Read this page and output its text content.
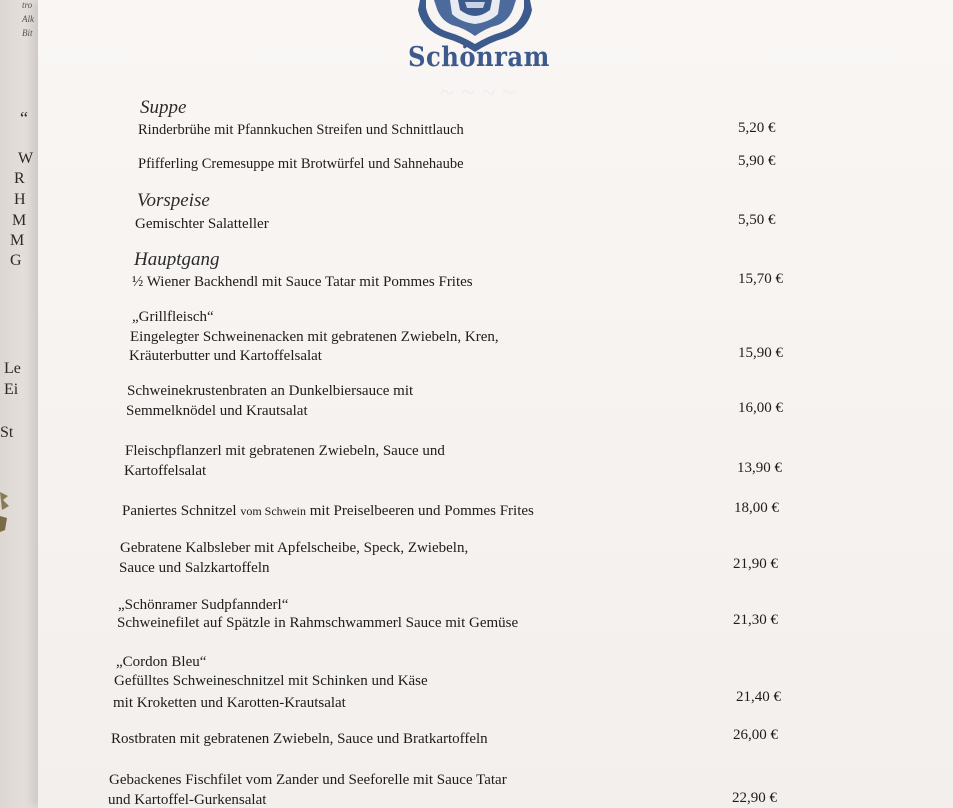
tro
Alk
Bit
“
W
R
H
M
M
G
Le
Ei
St
Schönram
~ ~ ~ ~
Suppe
Rinderbrühe mit Pfannkuchen Streifen und Schnittlauch	5,20 €
Pfifferling Cremesuppe mit Brotwürfel und Sahnehaube	5,90 €
Vorspeise
Gemischter Salatteller	5,50 €
Hauptgang
½ Wiener Backhendl mit Sauce Tatar mit Pommes Frites	15,70 €
„Grillfleisch“
Eingelegter Schweinenacken mit gebratenen Zwiebeln, Kren,
Kräuterbutter und Kartoffelsalat	15,90 €
Schweinekrustenbraten an Dunkelbiersauce mit
Semmelknödel und Krautsalat	16,00 €
Fleischpflanzerl mit gebratenen Zwiebeln, Sauce und
Kartoffelsalat	13,90 €
Paniertes Schnitzel vom Schwein mit Preiselbeeren und Pommes Frites	18,00 €
Gebratene Kalbsleber mit Apfelscheibe, Speck, Zwiebeln,
Sauce und Salzkartoffeln	21,90 €
„Schönramer Sudpfannderl“
Schweinefilet auf Spätzle in Rahmschwammerl Sauce mit Gemüse	21,30 €
„Cordon Bleu“
Gefülltes Schweineschnitzel mit Schinken und Käse
mit Kroketten und Karotten-Krautsalat	21,40 €
Rostbraten mit gebratenen Zwiebeln, Sauce und Bratkartoffeln	26,00 €
Gebackenes Fischfilet vom Zander und Seeforelle mit Sauce Tatar
und Kartoffel-Gurkensalat	22,90 €
